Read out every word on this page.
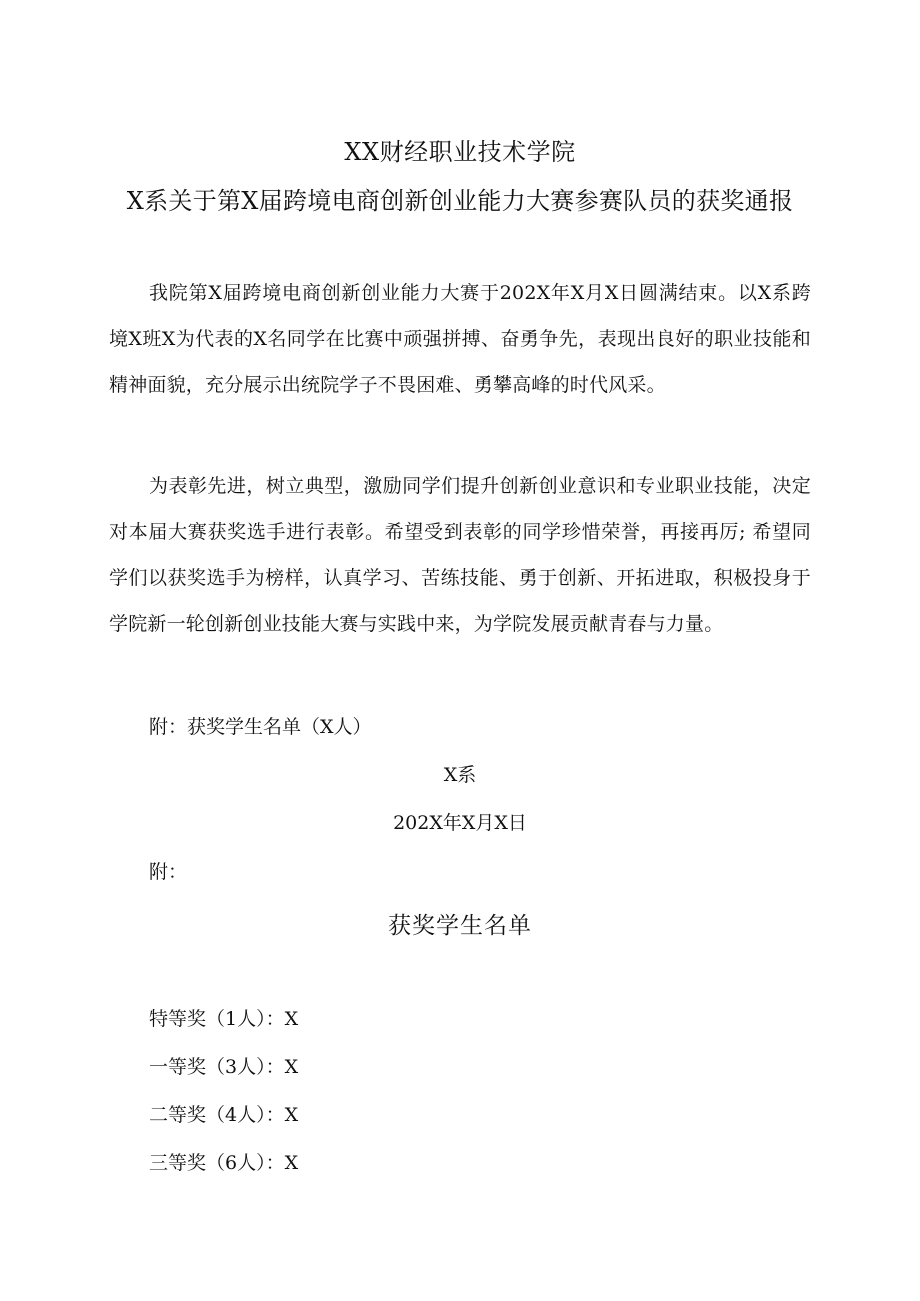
XX财经职业技术学院
X系关于第X届跨境电商创新创业能力大赛参赛队员的获奖通报

我院第X届跨境电商创新创业能力大赛于202X年X月X日圆满结束。以X系跨境X班X为代表的X名同学在比赛中顽强拼搏、奋勇争先，表现出良好的职业技能和精神面貌，充分展示出统院学子不畏困难、勇攀高峰的时代风采。

为表彰先进，树立典型，激励同学们提升创新创业意识和专业职业技能，决定对本届大赛获奖选手进行表彰。希望受到表彰的同学珍惜荣誉，再接再厉; 希望同学们以获奖选手为榜样，认真学习、苦练技能、勇于创新、开拓进取，积极投身于学院新一轮创新创业技能大赛与实践中来，为学院发展贡献青春与力量。

附：获奖学生名单（X人）
X系
202X年X月X日
附：
获奖学生名单
特等奖（1人）：X
一等奖（3人）：X
二等奖（4人）：X
三等奖（6人）：X
